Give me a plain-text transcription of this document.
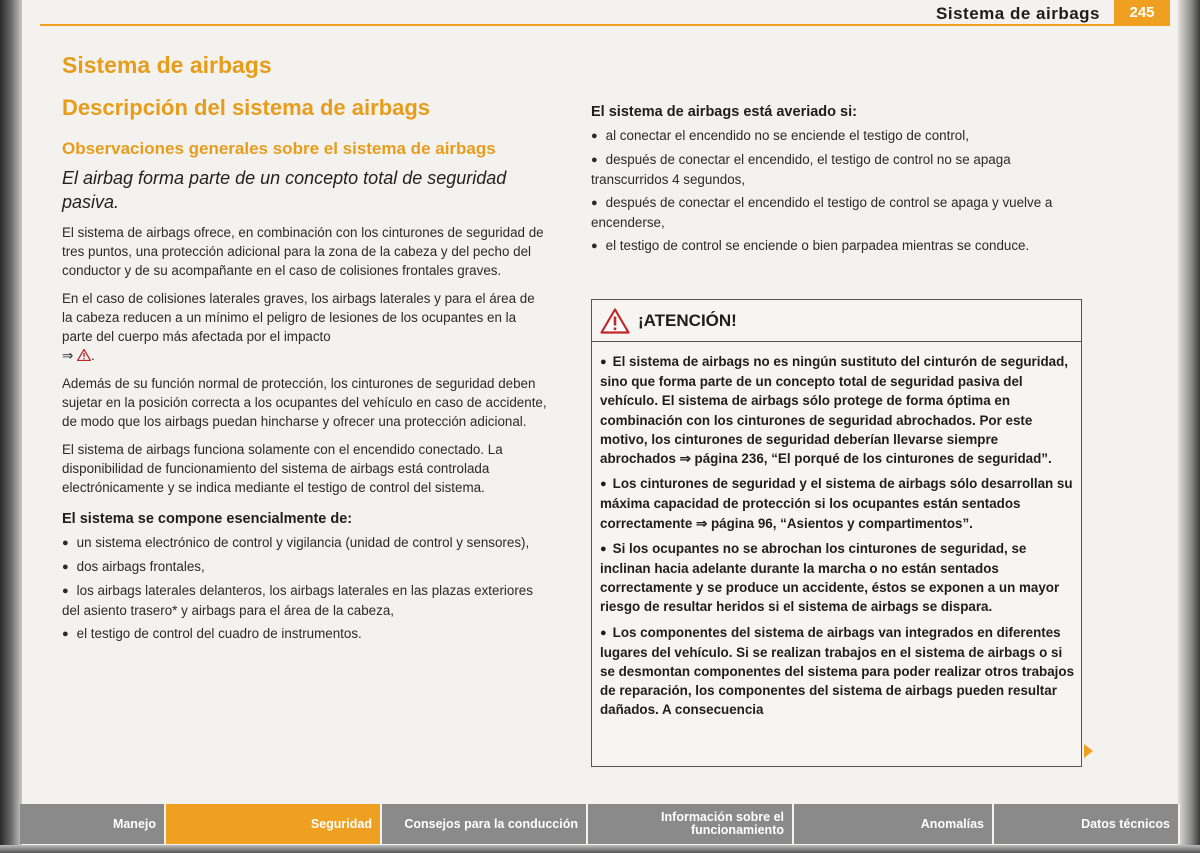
Sistema de airbags	245
Sistema de airbags
Descripción del sistema de airbags
Observaciones generales sobre el sistema de airbags
El airbag forma parte de un concepto total de seguridad pasiva.

El sistema de airbags ofrece, en combinación con los cinturones de seguridad de tres puntos, una protección adicional para la zona de la cabeza y del pecho del conductor y de su acompañante en el caso de colisiones frontales graves.

En el caso de colisiones laterales graves, los airbags laterales y para el área de la cabeza reducen a un mínimo el peligro de lesiones de los ocupantes en la parte del cuerpo más afectada por el impacto
⇒ .

Además de su función normal de protección, los cinturones de seguridad deben sujetar en la posición correcta a los ocupantes del vehículo en caso de accidente, de modo que los airbags puedan hincharse y ofrecer una protección adicional.

El sistema de airbags funciona solamente con el encendido conectado. La disponibilidad de funcionamiento del sistema de airbags está controlada electrónicamente y se indica mediante el testigo de control del sistema.

El sistema se compone esencialmente de:
● un sistema electrónico de control y vigilancia (unidad de control y sensores),
● dos airbags frontales,
● los airbags laterales delanteros, los airbags laterales en las plazas exteriores del asiento trasero* y airbags para el área de la cabeza,
● el testigo de control del cuadro de instrumentos.
El sistema de airbags está averiado si:
● al conectar el encendido no se enciende el testigo de control,
● después de conectar el encendido, el testigo de control no se apaga transcurridos 4 segundos,
● después de conectar el encendido el testigo de control se apaga y vuelve a encenderse,
● el testigo de control se enciende o bien parpadea mientras se conduce.
¡ATENCIÓN!
● El sistema de airbags no es ningún sustituto del cinturón de seguridad, sino que forma parte de un concepto total de seguridad pasiva del vehículo. El sistema de airbags sólo protege de forma óptima en combinación con los cinturones de seguridad abrochados. Por este motivo, los cinturones de seguridad deberían llevarse siempre abrochados ⇒ página 236, “El porqué de los cinturones de seguridad”.
● Los cinturones de seguridad y el sistema de airbags sólo desarrollan su máxima capacidad de protección si los ocupantes están sentados correctamente ⇒ página 96, “Asientos y compartimentos”.
● Si los ocupantes no se abrochan los cinturones de seguridad, se inclinan hacia adelante durante la marcha o no están sentados correctamente y se produce un accidente, éstos se exponen a un mayor riesgo de resultar heridos si el sistema de airbags se dispara.
● Los componentes del sistema de airbags van integrados en diferentes lugares del vehículo. Si se realizan trabajos en el sistema de airbags o si se desmontan componentes del sistema para poder realizar otros trabajos de reparación, los componentes del sistema de airbags pueden resultar dañados. A consecuencia
Manejo	Seguridad	Consejos para la conducción	Información sobre el funcionamiento	Anomalías	Datos técnicos
